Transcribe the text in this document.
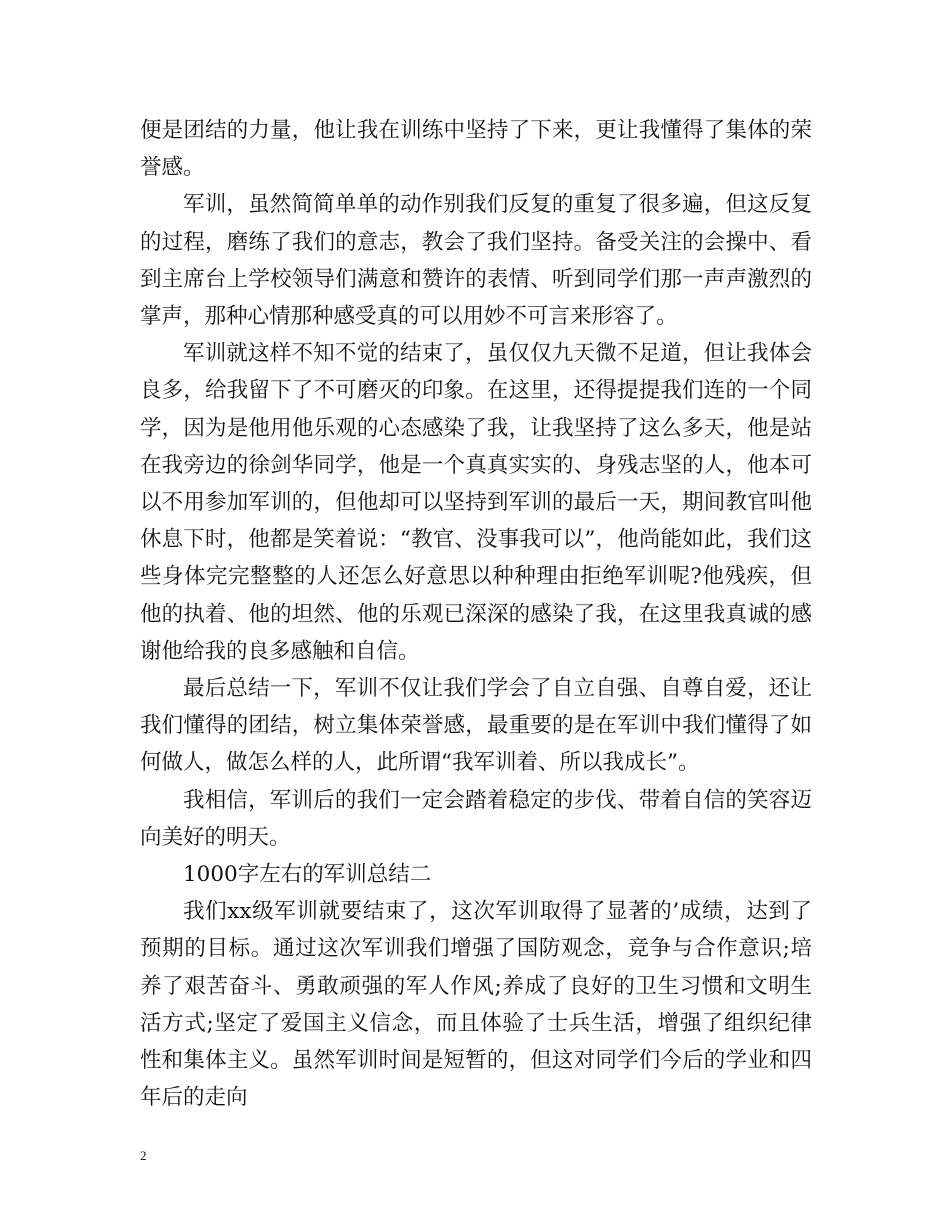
便是团结的力量，他让我在训练中坚持了下来，更让我懂得了集体的荣誉感。

军训，虽然简简单单的动作别我们反复的重复了很多遍，但这反复的过程，磨练了我们的意志，教会了我们坚持。备受关注的会操中、看到主席台上学校领导们满意和赞许的表情、听到同学们那一声声激烈的掌声，那种心情那种感受真的可以用妙不可言来形容了。

军训就这样不知不觉的结束了，虽仅仅九天微不足道，但让我体会良多，给我留下了不可磨灭的印象。在这里，还得提提我们连的一个同学，因为是他用他乐观的心态感染了我，让我坚持了这么多天，他是站在我旁边的徐剑华同学，他是一个真真实实的、身残志坚的人，他本可以不用参加军训的，但他却可以坚持到军训的最后一天，期间教官叫他休息下时，他都是笑着说：“教官、没事我可以”，他尚能如此，我们这些身体完完整整的人还怎么好意思以种种理由拒绝军训呢?他残疾，但他的执着、他的坦然、他的乐观已深深的感染了我，在这里我真诚的感谢他给我的良多感触和自信。

最后总结一下，军训不仅让我们学会了自立自强、自尊自爱，还让我们懂得的团结，树立集体荣誉感，最重要的是在军训中我们懂得了如何做人，做怎么样的人，此所谓“我军训着、所以我成长”。

我相信，军训后的我们一定会踏着稳定的步伐、带着自信的笑容迈向美好的明天。

1000字左右的军训总结二

我们xx级军训就要结束了，这次军训取得了显著的’成绩，达到了预期的目标。通过这次军训我们增强了国防观念，竞争与合作意识;培养了艰苦奋斗、勇敢顽强的军人作风;养成了良好的卫生习惯和文明生活方式;坚定了爱国主义信念，而且体验了士兵生活，增强了组织纪律性和集体主义。虽然军训时间是短暂的，但这对同学们今后的学业和四年后的走向

2
